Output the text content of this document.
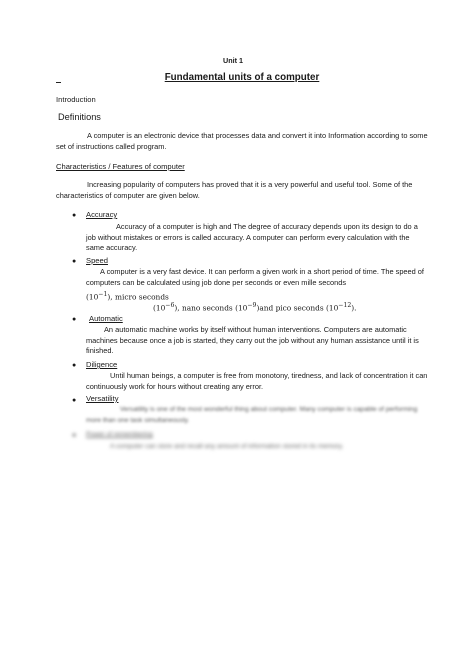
Unit 1
Fundamental units of a computer
Introduction
Definitions
A computer is an electronic device that processes data and convert it into Information according to some set of instructions called program.
Characteristics / Features of computer
Increasing popularity of computers has proved that it is a very powerful and useful tool. Some of the characteristics of computer are given below.
● Accuracy
Accuracy of a computer is high and The degree of accuracy depends upon its design to do a job without mistakes or errors is called accuracy. A computer can perform every calculation with the same accuracy.
● Speed
A computer is a very fast device. It can perform a given work in a short period of time. The speed of computers can be calculated using job done per seconds or even mille seconds
$(10^{-1})$, micro seconds
$(10^{-6})$, nano seconds $(10^{-9})and$ pico seconds $(10^{-12})$.
● Automatic
An automatic machine works by itself without human interventions. Computers are automatic machines because once a job is started, they carry out the job without any human assistance until it is finished.
● Diligence
Until human beings, a computer is free from monotony, tiredness, and lack of concentration it can continuously work for hours without creating any error.
● Versatility
Versatility is one of the most wonderful thing about computer. Many computer is capable of performing more than one task simultaneously.
● Power of remembering
A computer can store and recall any amount of information stored in its memory.
